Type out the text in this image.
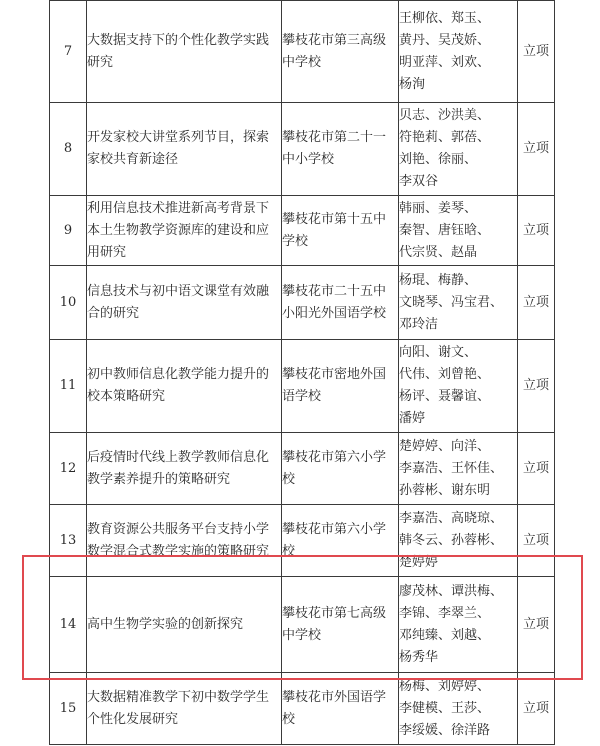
7	大数据支持下的个性化教学实践研究	攀枝花市第三高级中学校	王柳依、郑玉、
黄丹、吴茂娇、
明亚萍、刘欢、
杨洵	立项
8	开发家校大讲堂系列节目，探索家校共育新途径	攀枝花市第二十一中小学校	贝志、沙洪美、
符艳莉、郭蓓、
刘艳、徐丽、
李双谷	立项
9	利用信息技术推进新高考背景下本土生物教学资源库的建设和应用研究	攀枝花市第十五中学校	韩丽、姜琴、
秦智、唐钰晗、
代宗贤、赵晶	立项
10	信息技术与初中语文课堂有效融合的研究	攀枝花市二十五中小阳光外国语学校	杨琨、梅静、
文晓琴、冯宝君、
邓玲洁	立项
11	初中教师信息化教学能力提升的校本策略研究	攀枝花市密地外国语学校	向阳、谢文、
代伟、刘曾艳、
杨评、聂馨谊、
潘婷	立项
12	后疫情时代线上教学教师信息化教学素养提升的策略研究	攀枝花市第六小学校	楚婷婷、向洋、
李嘉浩、王怀佳、
孙蓉彬、谢东明	立项
13	教育资源公共服务平台支持小学数学混合式教学实施的策略研究	攀枝花市第六小学校	李嘉浩、高晓琼、
韩冬云、孙蓉彬、
楚婷婷	立项
14	高中生物学实验的创新探究	攀枝花市第七高级中学校	廖茂林、谭洪梅、
李锦、李翠兰、
邓纯臻、刘越、
杨秀华	立项
15	大数据精准教学下初中数学学生个性化发展研究	攀枝花市外国语学校	杨梅、刘婷婷、
李健模、王莎、
李绥媛、徐洋路	立项
